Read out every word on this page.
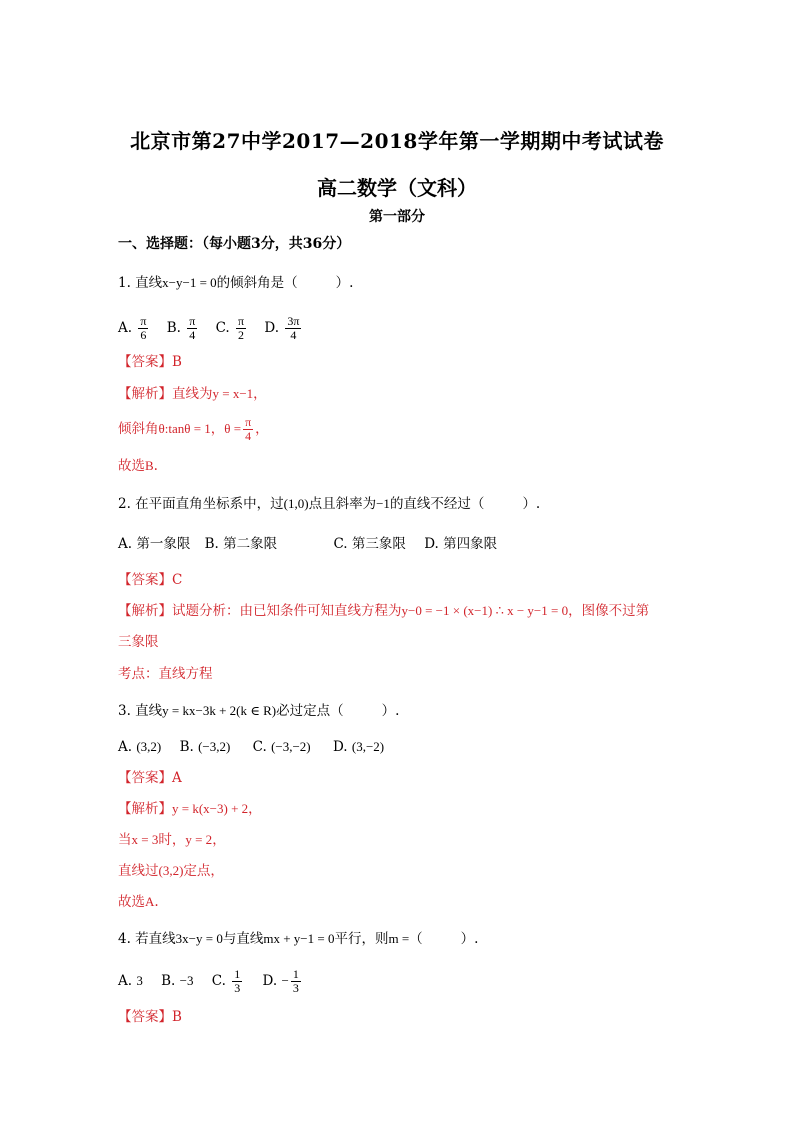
北京市第27中学2017—2018学年第一学期期中考试试卷
高二数学（文科）
第一部分
一、选择题：（每小题3分，共36分）
1. 直线x−y−1 = 0的倾斜角是（	）.
A. $\frac{\pi}{6} B$. $\frac{\pi}{4} C$. $\frac{\pi}{2} D$. $\frac{3\pi}{4}$
【答案】B
【解析】直线为y = x−1，
倾斜角θ:tanθ = 1，$\theta = \frac{\pi}{4}$ ，
故选B.
2. 在平面直角坐标系中，过(1,0)点且斜率为−1的直线不经过（	）.
A. 第一象限 B. 第二象限	C. 第三象限 D. 第四象限
【答案】C
【解析】试题分析：由已知条件可知直线方程为y−0 = −1 × (x−1) ∴ x − y−1 = 0，图像不过第
三象限
考点：直线方程
3. 直线y = kx−3k + 2(k ∈ R)必过定点（	）.
A. (3,2) B. (−3,2) C. (−3,−2) D. (3,−2)
【答案】A
【解析】y = k(x−3) + 2，
当x = 3时，y = 2，
直线过(3,2)定点，
故选A.
4. 若直线3x−y = 0与直线mx + y−1 = 0平行，则m =（	）.
A. 3 B. −3 C. $\frac{1}{3} D$. − $\frac{1}{3}$
【答案】B
